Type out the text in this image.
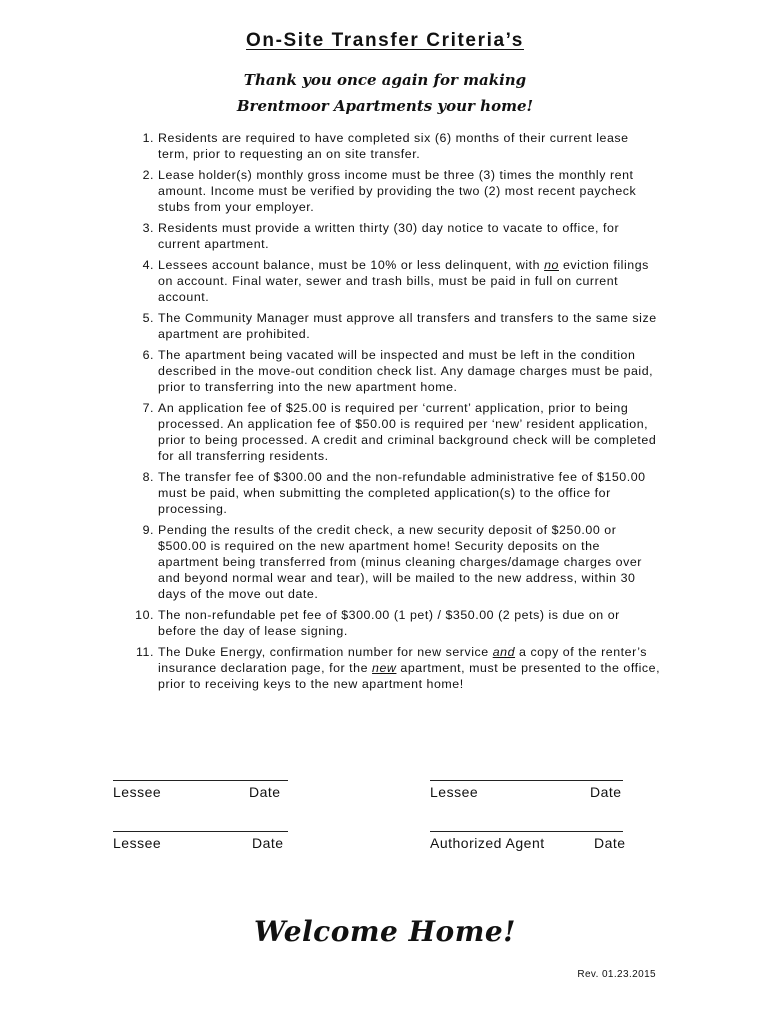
On-Site Transfer Criteria’s
Thank you once again for making
Brentmoor Apartments your home!
1. Residents are required to have completed six (6) months of their current lease term, prior to requesting an on site transfer.
2. Lease holder(s) monthly gross income must be three (3) times the monthly rent amount. Income must be verified by providing the two (2) most recent paycheck stubs from your employer.
3. Residents must provide a written thirty (30) day notice to vacate to office, for current apartment.
4. Lessees account balance, must be 10% or less delinquent, with no eviction filings on account. Final water, sewer and trash bills, must be paid in full on current account.
5. The Community Manager must approve all transfers and transfers to the same size apartment are prohibited.
6. The apartment being vacated will be inspected and must be left in the condition described in the move-out condition check list. Any damage charges must be paid, prior to transferring into the new apartment home.
7. An application fee of $25.00 is required per ‘current’ application, prior to being processed. An application fee of $50.00 is required per ‘new’ resident application, prior to being processed. A credit and criminal background check will be completed for all transferring residents.
8. The transfer fee of $300.00 and the non-refundable administrative fee of $150.00 must be paid, when submitting the completed application(s) to the office for processing.
9. Pending the results of the credit check, a new security deposit of $250.00 or $500.00 is required on the new apartment home! Security deposits on the apartment being transferred from (minus cleaning charges/damage charges over and beyond normal wear and tear), will be mailed to the new address, within 30 days of the move out date.
10. The non-refundable pet fee of $300.00 (1 pet) / $350.00 (2 pets) is due on or before the day of lease signing.
11. The Duke Energy, confirmation number for new service and a copy of the renter’s insurance declaration page, for the new apartment, must be presented to the office, prior to receiving keys to the new apartment home!
Lessee	Date	Lessee	Date
Lessee	Date	Authorized Agent	Date
Welcome Home!
Rev. 01.23.2015
